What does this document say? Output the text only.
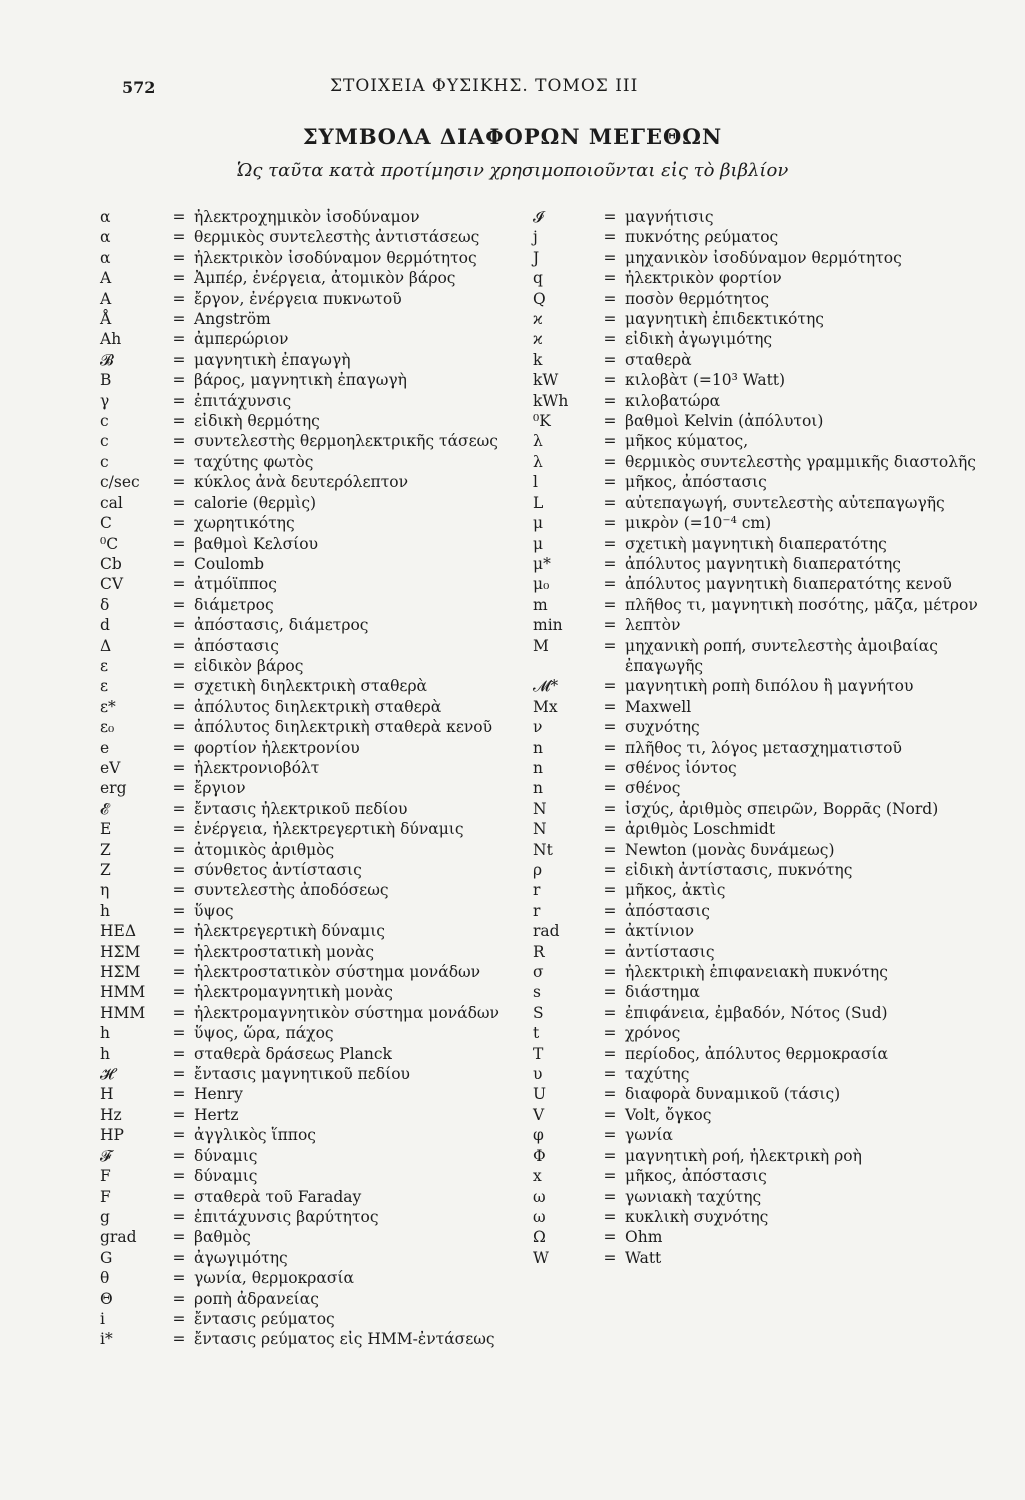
572	ΣΤΟΙΧΕΙΑ ΦΥΣΙΚΗΣ. ΤΟΜΟΣ III
ΣΥΜΒΟΛΑ ΔΙΑΦΟΡΩΝ ΜΕΓΕΘΩΝ
Ὡς ταῦτα κατὰ προτίμησιν χρησιμοποιοῦνται εἰς τὸ βιβλίον
α	= ἠλεκτροχημικὸν ἰσοδύναμον
α	= θερμικὸς συντελεστὴς ἀντιστάσεως
α	= ἠλεκτρικὸν ἰσοδύναμον θερμότητος
A	= Ἀμπέρ, ἐνέργεια, ἀτομικὸν βάρος
A	= ἔργον, ἐνέργεια πυκνωτοῦ
Å	= Angström
Ah	= ἀμπερώριον
𝓑	= μαγνητικὴ ἐπαγωγὴ
B	= βάρος, μαγνητικὴ ἐπαγωγὴ
γ	= ἐπιτάχυνσις
c	= εἰδικὴ θερμότης
c	= συντελεστὴς θερμοηλεκτρικῆς τάσεως
c	= ταχύτης φωτὸς
c/sec	= κύκλος ἀνὰ δευτερόλεπτον
cal	= calorie (θερμὶς)
C	= χωρητικότης
⁰C	= βαθμοὶ Κελσίου
Cb	= Coulomb
CV	= ἀτμόϊππος
δ	= διάμετρος
d	= ἀπόστασις, διάμετρος
Δ	= ἀπόστασις
ε	= εἰδικὸν βάρος
ε	= σχετικὴ διηλεκτρικὴ σταθερὰ
ε*	= ἀπόλυτος διηλεκτρικὴ σταθερὰ
ε₀	= ἀπόλυτος διηλεκτρικὴ σταθερὰ κενοῦ
e	= φορτίον ἠλεκτρονίου
eV	= ἠλεκτρονιοβόλτ
erg	= ἔργιον
𝓔	= ἔντασις ἠλεκτρικοῦ πεδίου
E	= ἐνέργεια, ἠλεκτρεγερτικὴ δύναμις
Z	= ἀτομικὸς ἀριθμὸς
Z	= σύνθετος ἀντίστασις
η	= συντελεστὴς ἀποδόσεως
h	= ὕψος
ΗΕΔ	= ἠλεκτρεγερτικὴ δύναμις
ΗΣΜ	= ἠλεκτροστατικὴ μονὰς
ΗΣΜ	= ἠλεκτροστατικὸν σύστημα μονάδων
ΗΜΜ	= ἠλεκτρομαγνητικὴ μονὰς
ΗΜΜ	= ἠλεκτρομαγνητικὸν σύστημα μονάδων
h	= ὕψος, ὥρα, πάχος
h	= σταθερὰ δράσεως Planck
𝓗	= ἔντασις μαγνητικοῦ πεδίου
H	= Henry
Hz	= Hertz
HP	= ἀγγλικὸς ἵππος
𝓕	= δύναμις
F	= δύναμις
F	= σταθερὰ τοῦ Faraday
g	= ἐπιτάχυνσις βαρύτητος
grad	= βαθμὸς
G	= ἀγωγιμότης
θ	= γωνία, θερμοκρασία
Θ	= ροπὴ ἀδρανείας
i	= ἔντασις ρεύματος
i*	= ἔντασις ρεύματος εἰς ΗΜΜ-ἐντάσεως
𝓘	= μαγνήτισις
j	= πυκνότης ρεύματος
J	= μηχανικὸν ἰσοδύναμον θερμότητος
q	= ἠλεκτρικὸν φορτίον
Q	= ποσὸν θερμότητος
ϰ	= μαγνητικὴ ἐπιδεκτικότης
ϰ	= εἰδικὴ ἀγωγιμότης
k	= σταθερὰ
kW	= κιλοβὰτ (=10³ Watt)
kWh	= κιλοβατώρα
⁰K	= βαθμοὶ Kelvin (ἀπόλυτοι)
λ	= μῆκος κύματος,
λ	= θερμικὸς συντελεστὴς γραμμικῆς διαστολῆς
l	= μῆκος, ἀπόστασις
L	= αὐτεπαγωγή, συντελεστὴς αὐτεπαγωγῆς
μ	= μικρὸν (=10⁻⁴ cm)
μ	= σχετικὴ μαγνητικὴ διαπερατότης
μ*	= ἀπόλυτος μαγνητικὴ διαπερατότης
μ₀	= ἀπόλυτος μαγνητικὴ διαπερατότης κενοῦ
m	= πλῆθος τι, μαγνητικὴ ποσότης, μᾶζα, μέτρον
min	= λεπτὸν
M	= μηχανικὴ ροπή, συντελεστὴς ἀμοιβαίας ἐπαγωγῆς
𝓜*	= μαγνητικὴ ροπὴ διπόλου ἢ μαγνήτου
Mx	= Maxwell
ν	= συχνότης
n	= πλῆθος τι, λόγος μετασχηματιστοῦ
n	= σθένος ἰόντος
n	= σθένος
N	= ἰσχύς, ἀριθμὸς σπειρῶν, Βορρᾶς (Nord)
N	= ἀριθμὸς Loschmidt
Nt	= Newton (μονὰς δυνάμεως)
ρ	= εἰδικὴ ἀντίστασις, πυκνότης
r	= μῆκος, ἀκτὶς
r	= ἀπόστασις
rad	= ἀκτίνιον
R	= ἀντίστασις
σ	= ἠλεκτρικὴ ἐπιφανειακὴ πυκνότης
s	= διάστημα
S	= ἐπιφάνεια, ἐμβαδόν, Νότος (Sud)
t	= χρόνος
T	= περίοδος, ἀπόλυτος θερμοκρασία
υ	= ταχύτης
U	= διαφορὰ δυναμικοῦ (τάσις)
V	= Volt, ὄγκος
φ	= γωνία
Φ	= μαγνητικὴ ροή, ἠλεκτρικὴ ροὴ
x	= μῆκος, ἀπόστασις
ω	= γωνιακὴ ταχύτης
ω	= κυκλικὴ συχνότης
Ω	= Ohm
W	= Watt
